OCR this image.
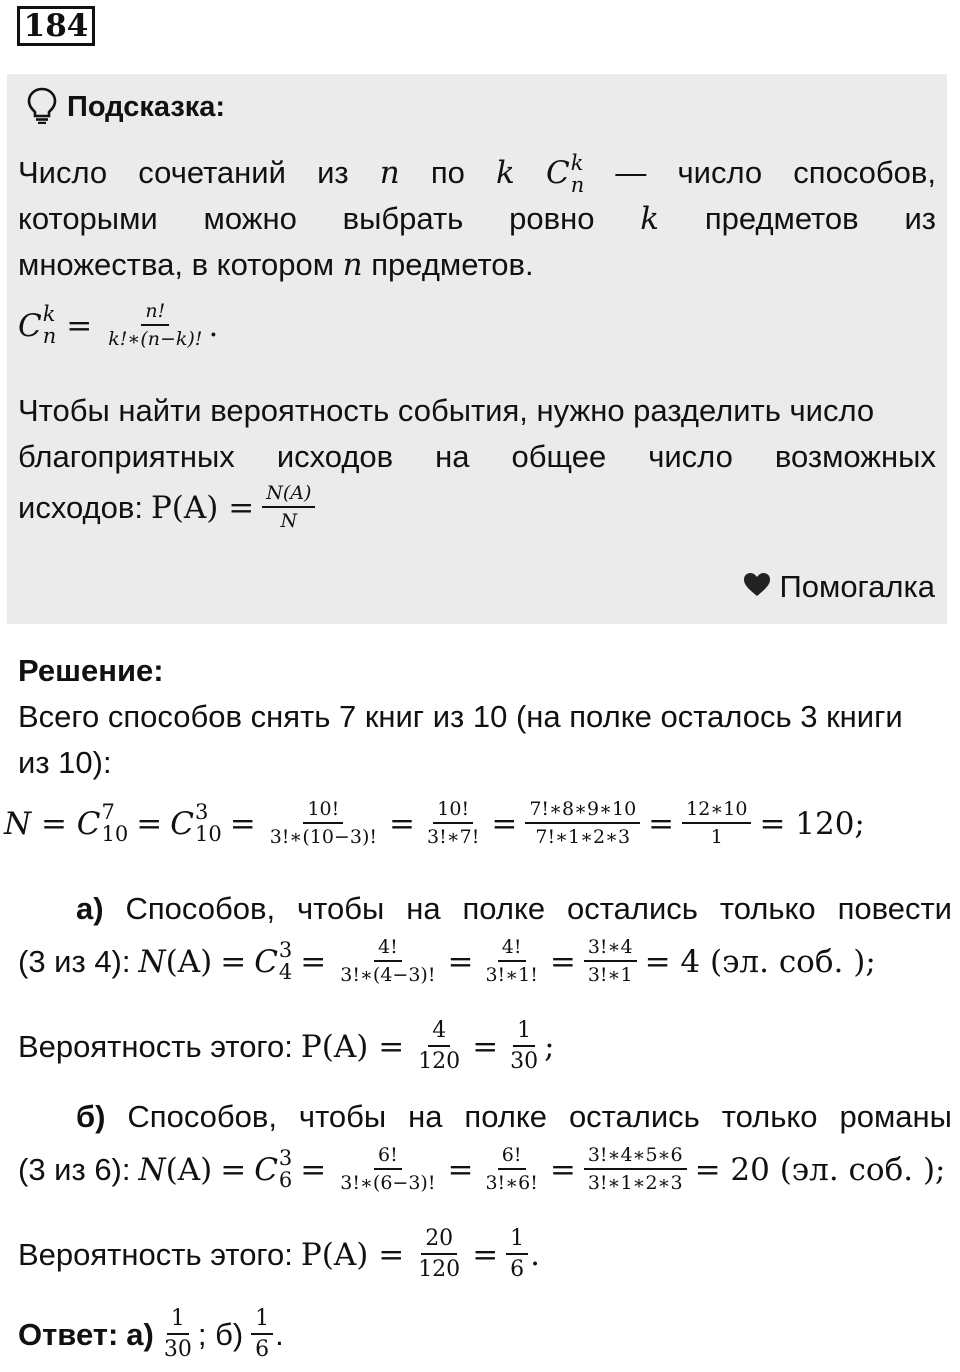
184
Подсказка:
Число сочетаний из n по k C k
n — число способов,
которыми можно выбрать ровно k предметов из
множества, в котором n предметов.
C k
$n = \frac{n!}{k!∗(n-k)!}$ .
Чтобы найти вероятность события, нужно разделить число
благоприятных исходов на общее число возможных
исходов: $P(A) = \frac{N(A)}{N}$
Помогалка
Решение:
Всего способов снять 7 книг из 10 (на полке осталось 3 книги
из 10):
N = C 7
10 = C 3
$10 = \frac{10!}{3!∗(10-3)!} = \frac{10!}{3!∗7!} = \frac{7!∗8∗9∗10}{7!∗1∗2∗3} = \frac{12∗10}{1} = 120$;
а) Способов, чтобы на полке остались только повести
(3 из 4): N (A) = C 3
$4 = \frac{4!}{3!∗(4-3)!} = \frac{4!}{3!∗1!} = \frac{3!∗4}{3!∗1} = 4$ (эл. соб. );
Вероятность этого: $P(A) = \frac{4}{120} = \frac{1}{30}$ ;
б) Способов, чтобы на полке остались только романы
(3 из 6): N (A) = C 3
$6 = \frac{6!}{3!∗(6-3)!} = \frac{6!}{3!∗6!} = \frac{3!∗4∗5∗6}{3!∗1∗2∗3} = 20$ (эл. соб. );
Вероятность этого: $P(A) = \frac{20}{120} = \frac{1}{6}$ .
Ответ: $а) \frac{1}{30}$ ; $б) \frac{1}{6}$ .
